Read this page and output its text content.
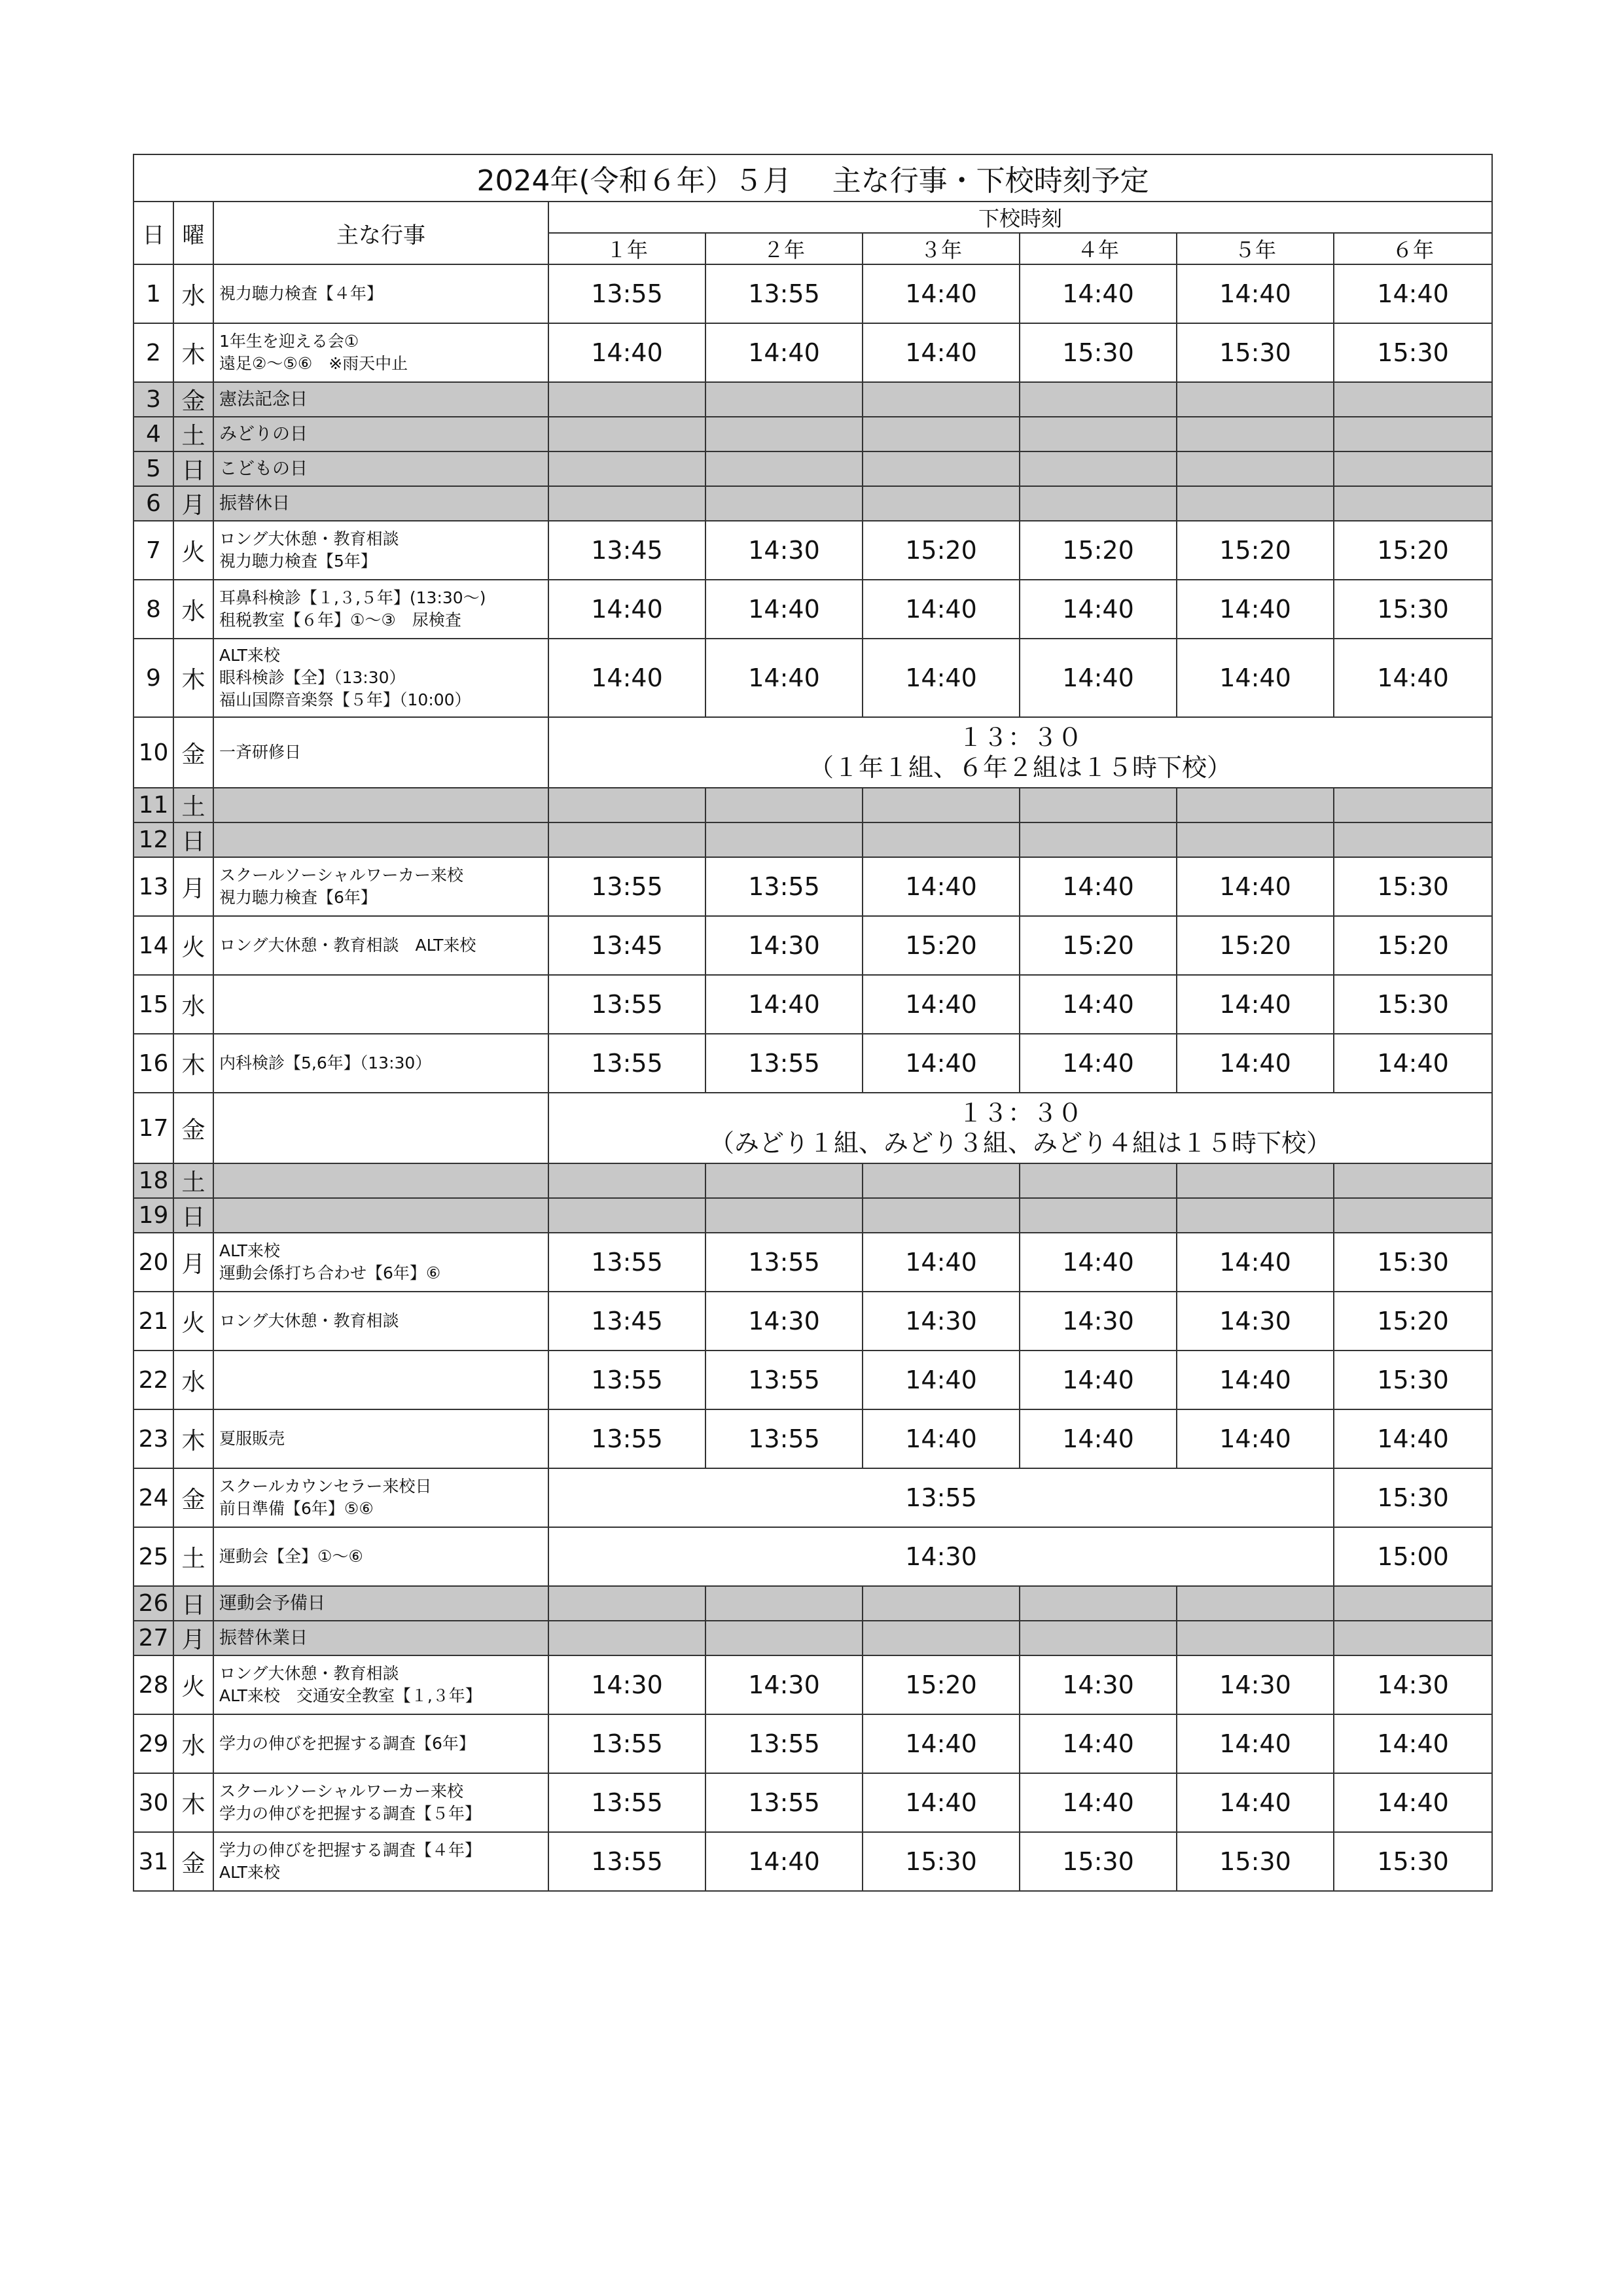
2024年(令和６年）５月 主な行事・下校時刻予定								
日	曜	主な行事	下校時刻					
			１年	２年	３年	４年	５年	６年
1	水	視力聴力検査【４年】	13:55	13:55	14:40	14:40	14:40	14:40
2	木	1年生を迎える会①
遠足②～⑤⑥　※雨天中止	14:40	14:40	14:40	15:30	15:30	15:30
3	金	憲法記念日						

4	土	みどりの日						

5	日	こどもの日						

6	月	振替休日						

7	火	ロング大休憩・教育相談
視力聴力検査【5年】	13:45	14:30	15:20	15:20	15:20	15:20
8	水	耳鼻科検診【１,３,５年】(13:30～)
租税教室【６年】①～③　尿検査	14:40	14:40	14:40	14:40	14:40	15:30
9	木	ALT来校
眼科検診【全】（13:30）
福山国際音楽祭【５年】（10:00）	14:40	14:40	14:40	14:40	14:40	14:40
10	金	一斉研修日	１３：３０
（１年１組、６年２組は１５時下校）					

11	土							
12	日							
13	月	スクールソーシャルワーカー来校
視力聴力検査【6年】	13:55	13:55	14:40	14:40	14:40	15:30
14	火	ロング大休憩・教育相談　ALT来校	13:45	14:30	15:20	15:20	15:20	15:20
15	水		13:55	14:40	14:40	14:40	14:40	15:30
16	木	内科検診【5,6年】（13:30）	13:55	13:55	14:40	14:40	14:40	14:40
17	金		１３：３０
（みどり１組、みどり３組、みどり４組は１５時下校）					

18	土							
19	日							
20	月	ALT来校
運動会係打ち合わせ【6年】⑥	13:55	13:55	14:40	14:40	14:40	15:30
21	火	ロング大休憩・教育相談	13:45	14:30	14:30	14:30	14:30	15:20
22	水		13:55	13:55	14:40	14:40	14:40	15:30
23	木	夏服販売	13:55	13:55	14:40	14:40	14:40	14:40
24	金	スクールカウンセラー来校日
前日準備【6年】⑤⑥	13:55					15:30
25	土	運動会【全】①～⑥	14:30					15:00
26	日	運動会予備日						

27	月	振替休業日						

28	火	ロング大休憩・教育相談
ALT来校　交通安全教室【１,３年】	14:30	14:30	15:20	14:30	14:30	14:30
29	水	学力の伸びを把握する調査【6年】	13:55	13:55	14:40	14:40	14:40	14:40
30	木	スクールソーシャルワーカー来校
学力の伸びを把握する調査【５年】	13:55	13:55	14:40	14:40	14:40	14:40
31	金	学力の伸びを把握する調査【４年】
ALT来校	13:55	14:40	15:30	15:30	15:30	15:30
